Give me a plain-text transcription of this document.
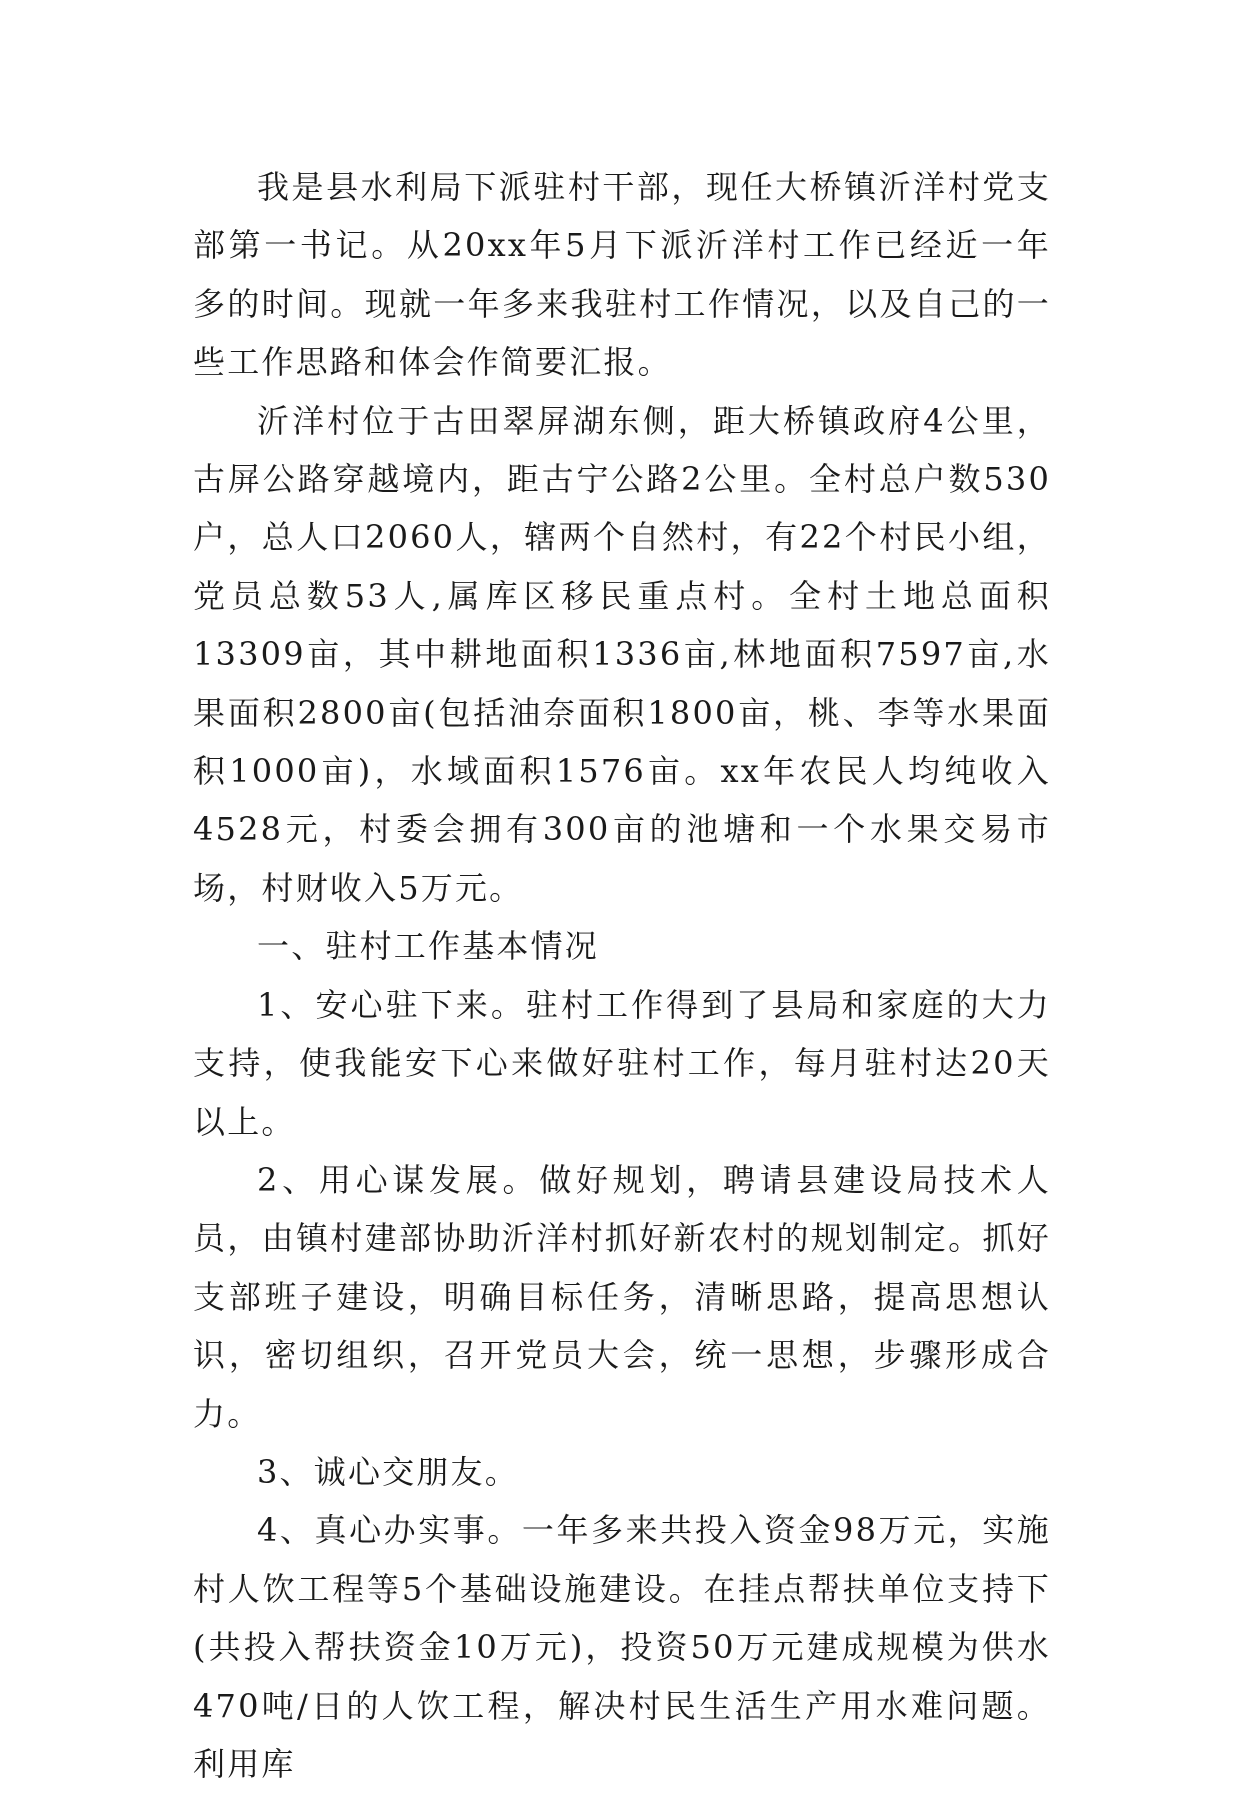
我是县水利局下派驻村干部，现任大桥镇沂洋村党支部第一书记。从20xx年5月下派沂洋村工作已经近一年多的时间。现就一年多来我驻村工作情况，以及自己的一些工作思路和体会作简要汇报。

沂洋村位于古田翠屏湖东侧，距大桥镇政府4公里，古屏公路穿越境内，距古宁公路2公里。全村总户数530户，总人口2060人，辖两个自然村，有22个村民小组，党员总数53人,属库区移民重点村。全村土地总面积13309亩，其中耕地面积1336亩,林地面积7597亩,水果面积2800亩(包括油奈面积1800亩，桃、李等水果面积1000亩)，水域面积1576亩。xx年农民人均纯收入4528元，村委会拥有300亩的池塘和一个水果交易市场，村财收入5万元。

一、驻村工作基本情况

1、安心驻下来。驻村工作得到了县局和家庭的大力支持，使我能安下心来做好驻村工作，每月驻村达20天以上。

2、用心谋发展。做好规划，聘请县建设局技术人员，由镇村建部协助沂洋村抓好新农村的规划制定。抓好支部班子建设，明确目标任务，清晰思路，提高思想认识，密切组织，召开党员大会，统一思想，步骤形成合力。

3、诚心交朋友。

4、真心办实事。一年多来共投入资金98万元，实施村人饮工程等5个基础设施建设。在挂点帮扶单位支持下(共投入帮扶资金10万元)，投资50万元建成规模为供水470吨/日的人饮工程，解决村民生活生产用水难问题。利用库
